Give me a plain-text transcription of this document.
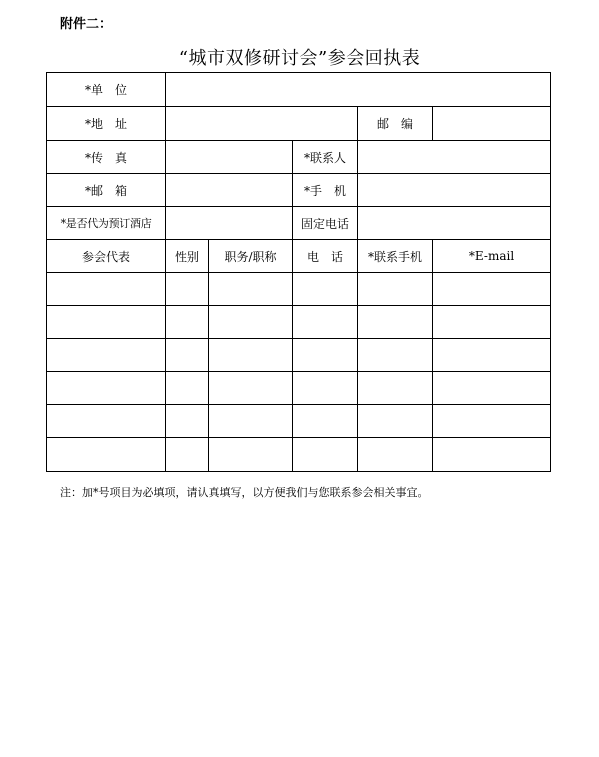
附件二：
“城市双修研讨会”参会回执表
*单　位					
*地　址				邮　编	
*传　真			*联系人		
*邮　箱			*手　机		
*是否代为预订酒店			固定电话		
参会代表	性别	职务/职称	电　话	*联系手机	*E-mail

注：加*号项目为必填项，请认真填写，以方便我们与您联系参会相关事宜。
